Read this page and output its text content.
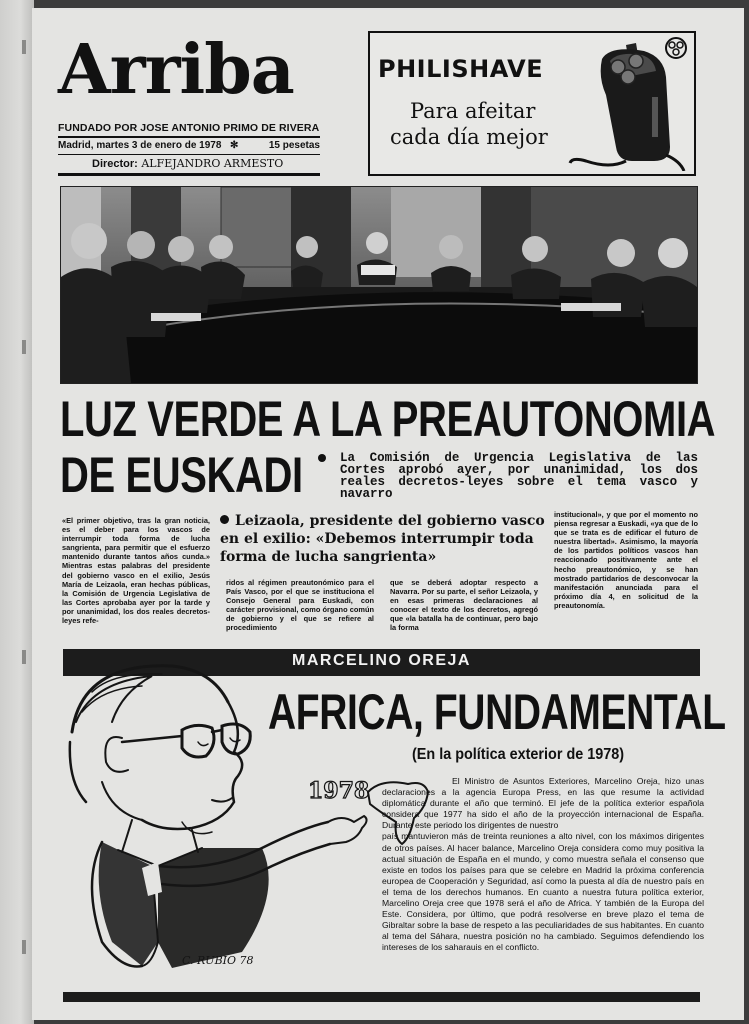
Arriba
FUNDADO POR JOSE ANTONIO PRIMO DE RIVERA
Madrid, martes 3 de enero de 1978 ✻	15 pesetas
Director: ALFEJANDRO ARMESTO
PHILISHAVE
Para afeitar
cada día mejor
LUZ VERDE A LA PREAUTONOMIA
DE EUSKADI	La Comisión de Urgencia Legislativa de las Cortes aprobó ayer, por unanimidad, los dos reales decretos-leyes sobre el tema vasco y navarro
Leizaola, presidente del gobierno vasco en el exilio: «Debemos interrumpir toda forma de lucha sangrienta»
«El primer objetivo, tras la gran noticia, es el deber para los vascos de interrumpir toda forma de lucha sangrienta, para permitir que el esfuerzo mantenido durante tantos años cunda.» Mientras estas palabras del presidente del gobierno vasco en el exilio, Jesús María de Leizaola, eran hechas públicas, la Comisión de Urgencia Legislativa de las Cortes aprobaba ayer por la tarde y por unanimidad, los dos reales decretos-leyes refe-
ridos al régimen preautonómico para el País Vasco, por el que se instituciona el Consejo General para Euskadi, con carácter provisional, como órgano común de gobierno y el que se refiere al procedimiento
que se deberá adoptar respecto a Navarra. Por su parte, el señor Leizaola, y en esas primeras declaraciones al conocer el texto de los decretos, agregó que «la batalla ha de continuar, pero bajo la forma
institucional», y que por el momento no piensa regresar a Euskadi, «ya que de lo que se trata es de edificar el futuro de nuestra libertad». Asimismo, la mayoría de los partidos políticos vascos han reaccionado positivamente ante el hecho preautonómico, y se han mostrado partidarios de desconvocar la manifestación anunciada para el próximo día 4, en solicitud de la preautonomía.
MARCELINO OREJA
1978
C. RUBIO 78
AFRICA, FUNDAMENTAL
(En la política exterior de 1978)

El Ministro de Asuntos Exteriores, Marcelino Oreja, hizo unas declaraciones a la agencia Europa Press, en las que resume la actividad diplomática durante el año que terminó. El jefe de la política exterior española considera que 1977 ha sido el año de la proyección internacional de España. Durante este periodo los dirigentes de nuestro

país mantuvieron más de treinta reuniones a alto nivel, con los máximos dirigentes de otros países. Al hacer balance, Marcelino Oreja considera como muy positiva la actual situación de España en el mundo, y como muestra señala el consenso que existe en todos los países para que se celebre en Madrid la próxima conferencia europea de Cooperación y Seguridad, así como la puesta al día de nuestro país en el tema de los derechos humanos. En cuanto a nuestra futura política exterior, Marcelino Oreja cree que 1978 será el año de Africa. Y también de la Europa del Este. Considera, por último, que podrá resolverse en breve plazo el tema de Gibraltar sobre la base de respeto a las peculiaridades de sus habitantes. En cuanto al tema del Sáhara, nuestra posición no ha cambiado. Seguimos defendiendo los intereses de los saharauis en el conflicto.
